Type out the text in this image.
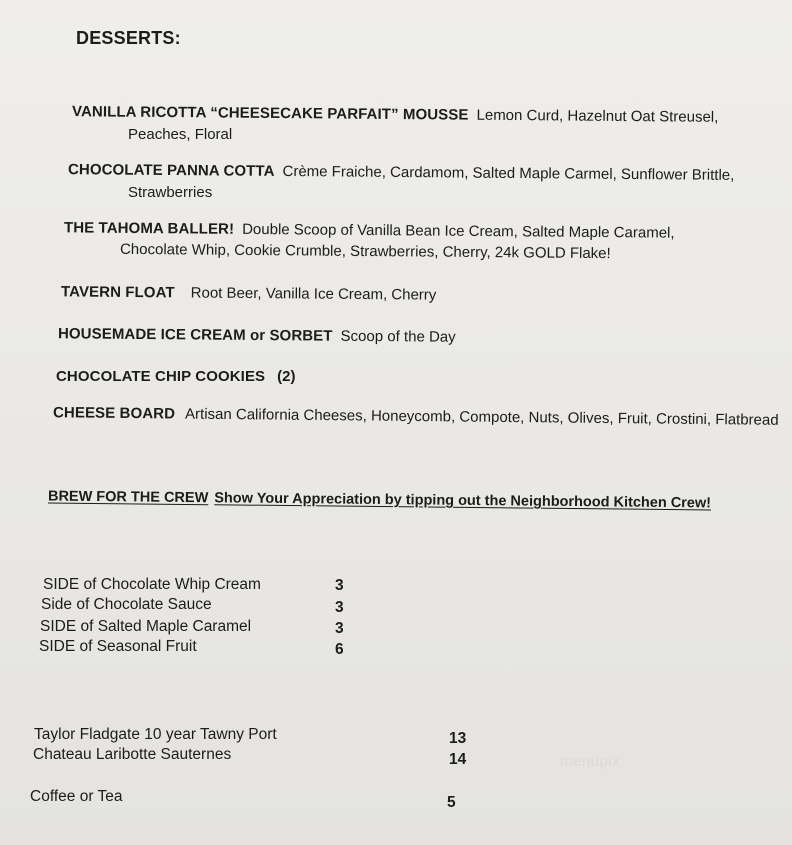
DESSERTS:
VANILLA RICOTTA “CHEESECAKE PARFAIT” MOUSSE Lemon Curd, Hazelnut Oat Streusel,
Peaches, Floral
CHOCOLATE PANNA COTTA Crème Fraiche, Cardamom, Salted Maple Carmel, Sunflower Brittle,
Strawberries
THE TAHOMA BALLER! Double Scoop of Vanilla Bean Ice Cream, Salted Maple Caramel,
Chocolate Whip, Cookie Crumble, Strawberries, Cherry, 24k GOLD Flake!
TAVERN FLOAT Root Beer, Vanilla Ice Cream, Cherry
HOUSEMADE ICE CREAM or SORBET Scoop of the Day
CHOCOLATE CHIP COOKIES (2)
CHEESE BOARD Artisan California Cheeses, Honeycomb, Compote, Nuts, Olives, Fruit, Crostini, Flatbread
BREW FOR THE CREW Show Your Appreciation by tipping out the Neighborhood Kitchen Crew!
SIDE of Chocolate Whip Cream	3
Side of Chocolate Sauce	3
SIDE of Salted Maple Caramel	3
SIDE of Seasonal Fruit	6
Taylor Fladgate 10 year Tawny Port	13
Chateau Laribotte Sauternes	14
Coffee or Tea	5
menupix
